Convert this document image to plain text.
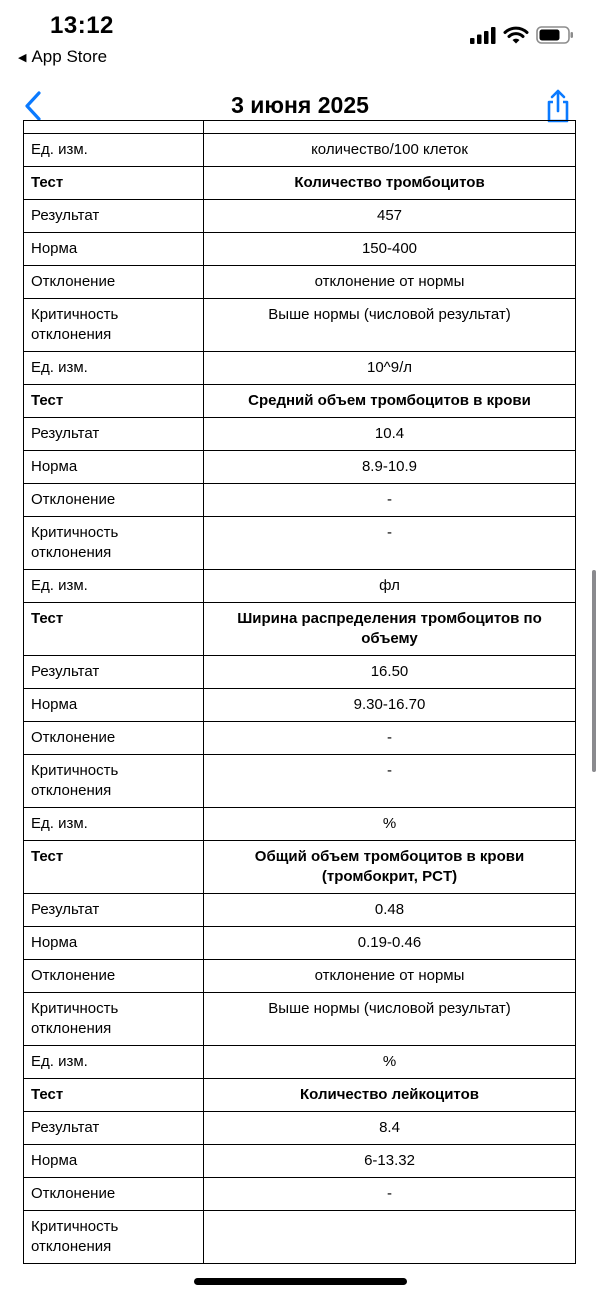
13:12
◀ App Store
3 июня 2025

Ед. изм.	количество/100 клеток
Тест	Количество тромбоцитов
Результат	457
Норма	150-400
Отклонение	отклонение от нормы
Критичность отклонения	Выше нормы (числовой результат)
Ед. изм.	10^9/л
Тест	Средний объем тромбоцитов в крови
Результат	10.4
Норма	8.9-10.9
Отклонение	-
Критичность отклонения	-
Ед. изм.	фл
Тест	Ширина распределения тромбоцитов по объему
Результат	16.50
Норма	9.30-16.70
Отклонение	-
Критичность отклонения	-
Ед. изм.	%
Тест	Общий объем тромбоцитов в крови (тромбокрит, PCT)
Результат	0.48
Норма	0.19-0.46
Отклонение	отклонение от нормы
Критичность отклонения	Выше нормы (числовой результат)
Ед. изм.	%
Тест	Количество лейкоцитов
Результат	8.4
Норма	6-13.32
Отклонение	-
Критичность отклонения	
